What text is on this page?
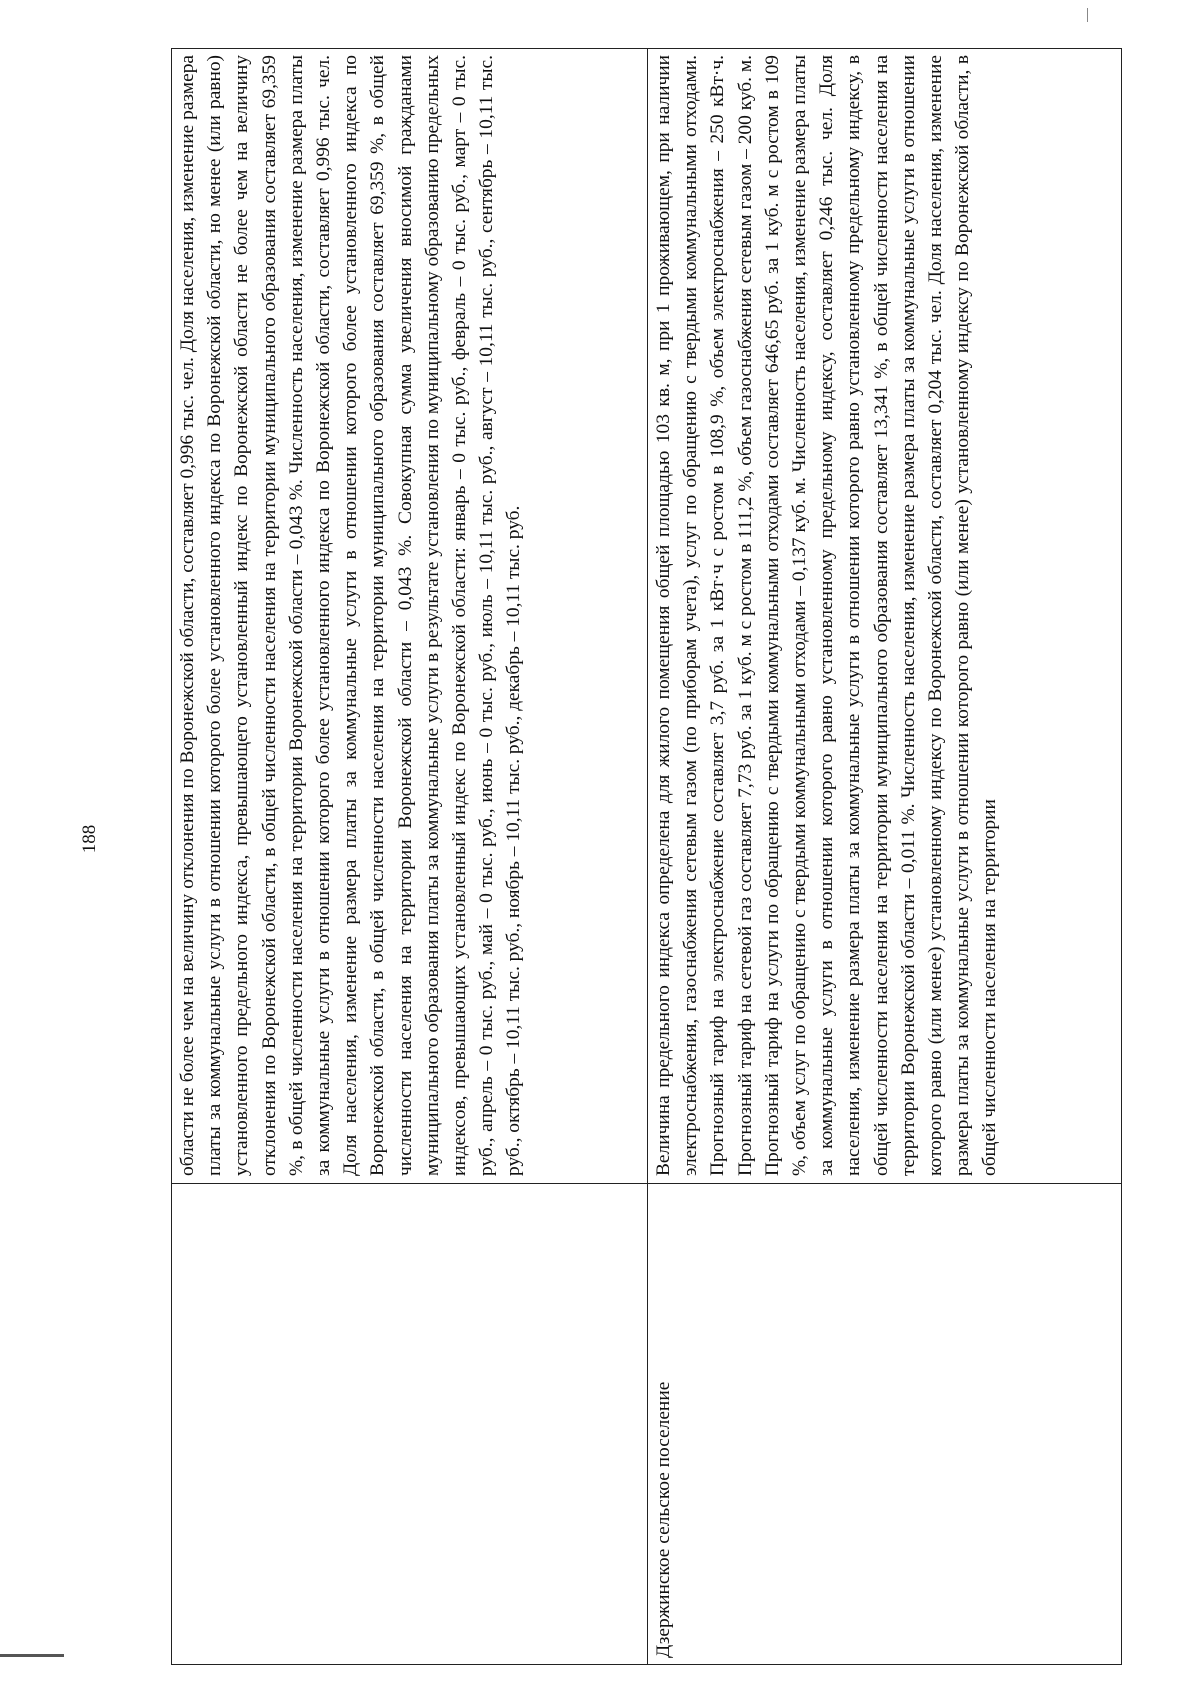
188
		области не более чем на величину отклонения по Воронежской области, составляет 0,996 тыс. чел. Доля населения, изменение размера платы за коммунальные услуги в отношении которого более установленного индекса по Воронежской области, но менее (или равно) установленного предельного индекса, превышающего установленный индекс по Воронежской области не более чем на величину отклонения по Воронежской области, в общей численности населения на территории муниципального образования составляет 69,359 %, в общей численности населения на территории Воронежской области – 0,043 %. Численность населения, изменение размера платы за коммунальные услуги в отношении которого более установленного индекса по Воронежской области, составляет 0,996 тыс. чел. Доля населения, изменение размера платы за коммунальные услуги в отношении которого более установленного индекса по Воронежской области, в общей численности населения на территории муниципального образования составляет 69,359 %, в общей численности населения на территории Воронежской области – 0,043 %. Совокупная сумма увеличения вносимой гражданами муниципального образования платы за коммунальные услуги в результате установления по муниципальному образованию предельных индексов, превышающих установленный индекс по Воронежской области: январь – 0 тыс. руб., февраль – 0 тыс. руб., март – 0 тыс. руб., апрель – 0 тыс. руб., май – 0 тыс. руб., июнь – 0 тыс. руб., июль – 10,11 тыс. руб., август – 10,11 тыс. руб., сентябрь – 10,11 тыс. руб., октябрь – 10,11 тыс. руб., ноябрь – 10,11 тыс. руб., декабрь – 10,11 тыс. руб.
Дзержинское сельское поселение	Величина предельного индекса определена для жилого помещения общей площадью 103 кв. м, при 1 проживающем, при наличии электроснабжения, газоснабжения сетевым газом (по приборам учета), услуг по обращению с твердыми коммунальными отходами. Прогнозный тариф на электроснабжение составляет 3,7 руб. за 1 кВт·ч с ростом в 108,9 %, объем электроснабжения – 250 кВт·ч. Прогнозный тариф на сетевой газ составляет 7,73 руб. за 1 куб. м с ростом в 111,2 %, объем газоснабжения сетевым газом – 200 куб. м. Прогнозный тариф на услуги по обращению с твердыми коммунальными отходами составляет 646,65 руб. за 1 куб. м с ростом в 109 %, объем услуг по обращению с твердыми коммунальными отходами – 0,137 куб. м. Численность населения, изменение размера платы за коммунальные услуги в отношении которого равно установленному предельному индексу, составляет 0,246 тыс. чел. Доля населения, изменение размера платы за коммунальные услуги в отношении которого равно установленному предельному индексу, в общей численности населения на территории муниципального образования составляет 13,341 %, в общей численности населения на территории Воронежской области – 0,011 %. Численность населения, изменение размера платы за коммунальные услуги в отношении которого равно (или менее) установленному индексу по Воронежской области, составляет 0,204 тыс. чел. Доля населения, изменение размера платы за коммунальные услуги в отношении которого равно (или менее) установленному индексу по Воронежской области, в общей численности населения на территории
